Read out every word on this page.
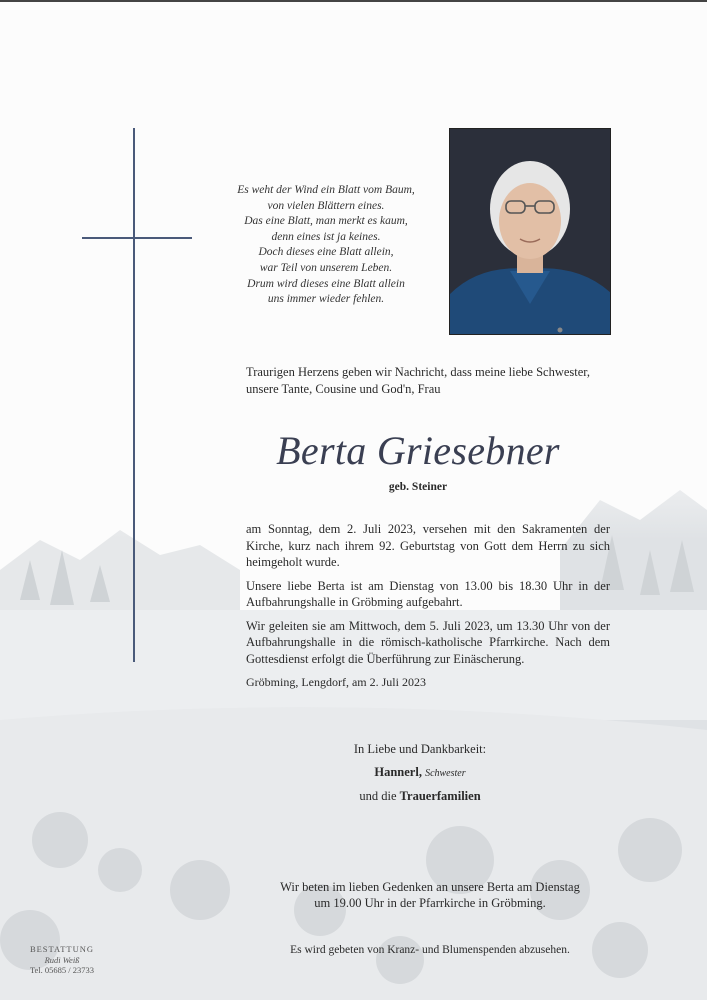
Es weht der Wind ein Blatt vom Baum,
von vielen Blättern eines.
Das eine Blatt, man merkt es kaum,
denn eines ist ja keines.
Doch dieses eine Blatt allein,
war Teil von unserem Leben.
Drum wird dieses eine Blatt allein
uns immer wieder fehlen.
Traurigen Herzens geben wir Nachricht, dass meine liebe Schwester,
unsere Tante, Cousine und God'n, Frau
Berta Griesebner
geb. Steiner

am Sonntag, dem 2. Juli 2023, versehen mit den Sakramenten der Kirche, kurz nach ihrem 92. Geburtstag von Gott dem Herrn zu sich heimgeholt wurde.

Unsere liebe Berta ist am Dienstag von 13.00 bis 18.30 Uhr in der Aufbahrungshalle in Gröbming aufgebahrt.

Wir geleiten sie am Mittwoch, dem 5. Juli 2023, um 13.30 Uhr von der Aufbahrungshalle in die römisch-katholische Pfarrkirche. Nach dem Gottesdienst erfolgt die Überführung zur Einäscherung.

Gröbming, Lengdorf, am 2. Juli 2023
In Liebe und Dankbarkeit:
Hannerl, Schwester
und die Trauerfamilien
Wir beten im lieben Gedenken an unsere Berta am Dienstag
um 19.00 Uhr in der Pfarrkirche in Gröbming.
Es wird gebeten von Kranz- und Blumenspenden abzusehen.
BESTATTUNG
Rudi Weiß
Tel. 05685 / 23733
